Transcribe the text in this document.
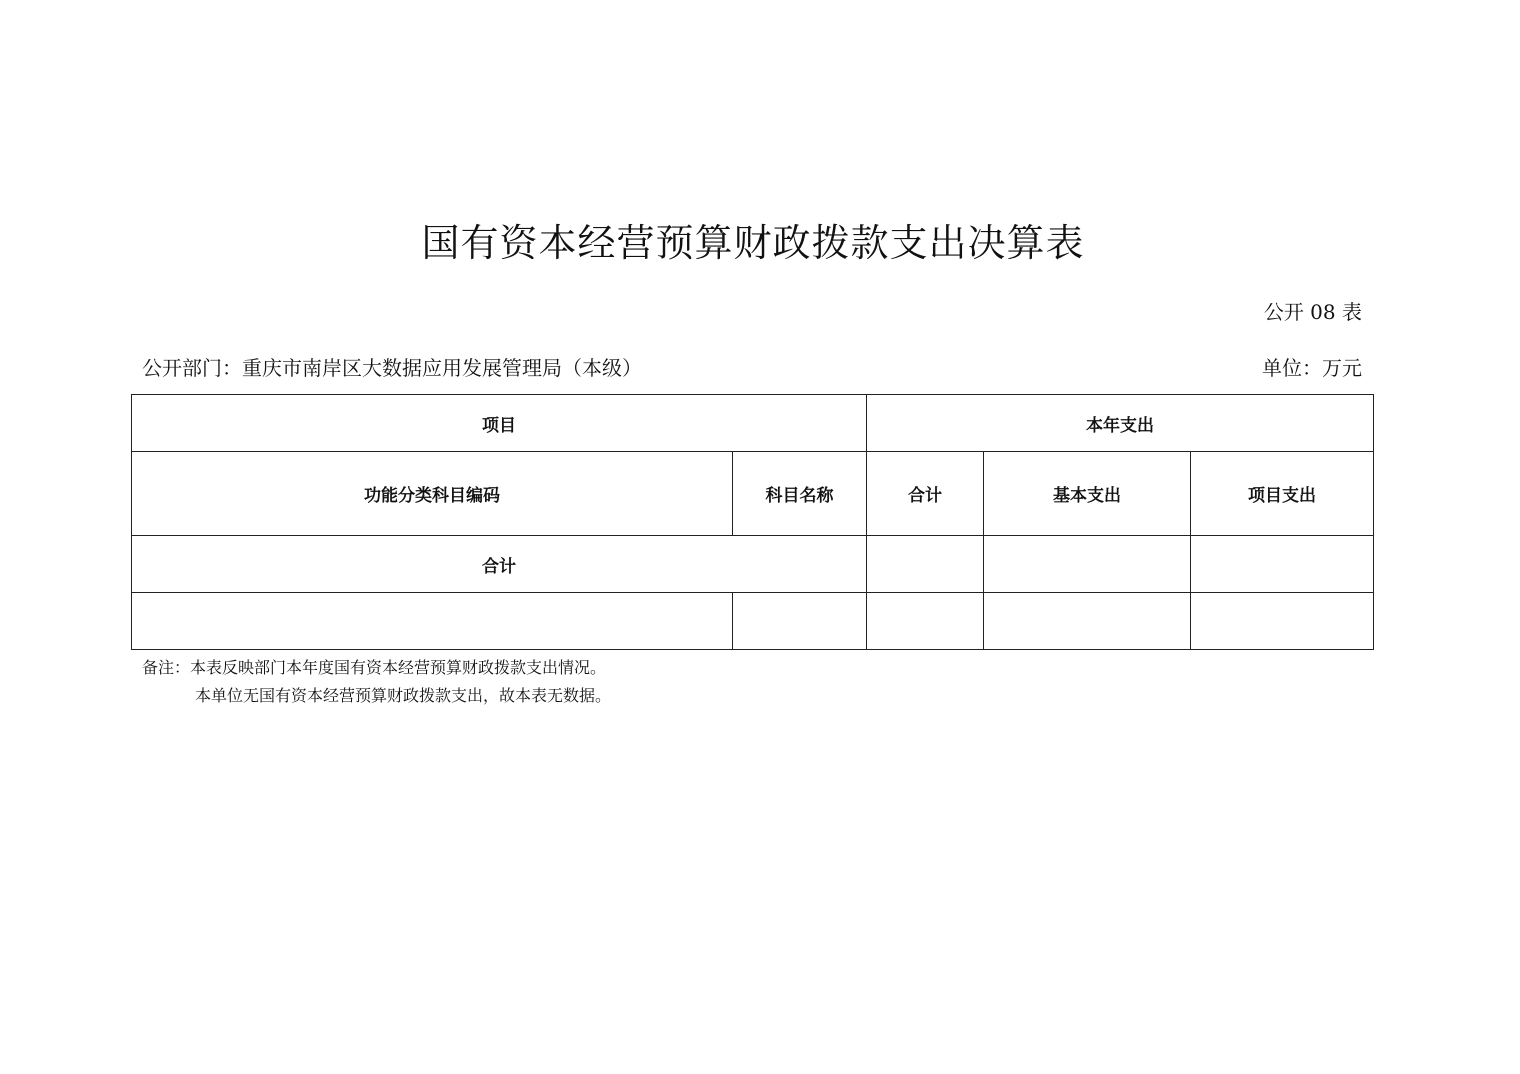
国有资本经营预算财政拨款支出决算表
公开 08 表
公开部门：重庆市南岸区大数据应用发展管理局（本级）	单位：万元
项目		本年支出		
功能分类科目编码	科目名称	合计	基本支出	项目支出
合计				

备注：本表反映部门本年度国有资本经营预算财政拨款支出情况。
本单位无国有资本经营预算财政拨款支出，故本表无数据。
